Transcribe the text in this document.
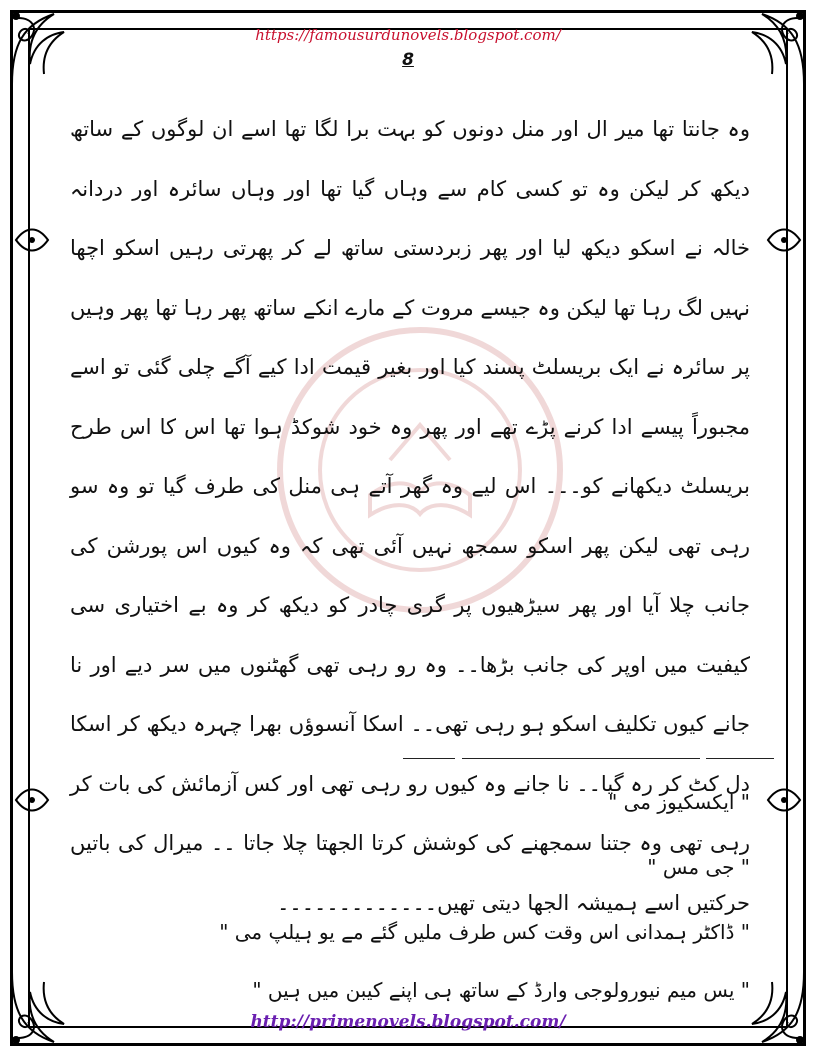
https://famousurdunovels.blogspot.com/
8
وہ جانتا تھا میر ال اور منل دونوں کو بہت برا لگا تھا اسے ان لوگوں کے ساتھ دیکھ کر لیکن وہ تو کسی کام سے وہاں گیا تھا اور وہاں سائرہ اور دردانہ خالہ نے اسکو دیکھ لیا اور پھر زبردستی ساتھ لے کر پھرتی رہیں اسکو اچھا نہیں لگ رہا تھا لیکن وہ جیسے مروت کے مارے انکے ساتھ پھر رہا تھا پھر وہیں پر سائرہ نے ایک بریسلٹ پسند کیا اور بغیر قیمت ادا کیے آگے چلی گئی تو اسے مجبوراً پیسے ادا کرنے پڑے تھے اور پھر وہ خود شوکڈ ہوا تھا اس کا اس طرح بریسلٹ دیکھانے کو۔۔۔ اس لیے وہ گھر آتے ہی منل کی طرف گیا تو وہ سو رہی تھی لیکن پھر اسکو سمجھ نہیں آئی تھی کہ وہ کیوں اس پورشن کی جانب چلا آیا اور پھر سیڑھیوں پر گری چادر کو دیکھ کر وہ بے اختیاری سی کیفیت میں اوپر کی جانب بڑھا۔۔ وہ رو رہی تھی گھٹنوں میں سر دیے اور نا جانے کیوں تکلیف اسکو ہو رہی تھی۔۔ اسکا آنسوؤں بھرا چہرہ دیکھ کر اسکا دل کٹ کر رہ گیا۔۔ نا جانے وہ کیوں رو رہی تھی اور کس آزمائش کی بات کر رہی تھی وہ جتنا سمجھنے کی کوشش کرتا الجھتا چلا جاتا ۔۔ میرال کی باتیں حرکتیں اسے ہمیشہ الجھا دیتی تھیں۔۔۔۔۔۔۔۔۔۔۔۔۔
" ایکسکیوز می "
" جی مس "
" ڈاکٹر ہمدانی اس وقت کس طرف ملیں گئے مے یو ہیلپ می "
" یس میم نیورولوجی وارڈ کے ساتھ ہی اپنے کیبن میں ہیں "
http://primenovels.blogspot.com/
